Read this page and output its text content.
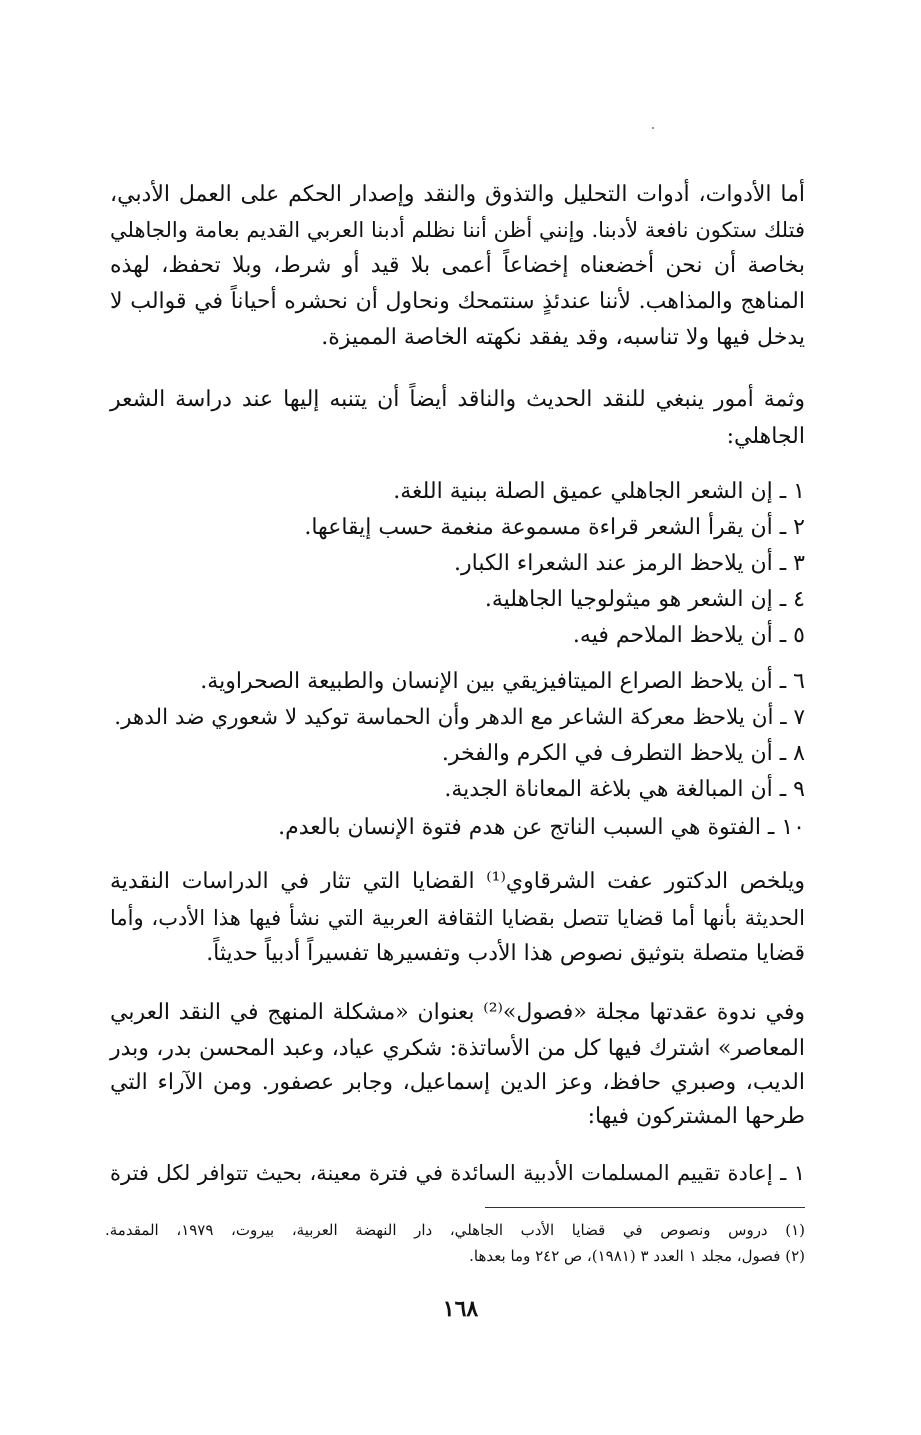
أما الأدوات، أدوات التحليل والتذوق والنقد وإصدار الحكم على العمل الأدبي،
فتلك ستكون نافعة لأدبنا. وإنني أظن أننا نظلم أدبنا العربي القديم بعامة والجاهلي
بخاصة أن نحن أخضعناه إخضاعاً أعمى بلا قيد أو شرط، وبلا تحفظ، لهذه
المناهج والمذاهب. لأننا عندئذٍ سنتمحك ونحاول أن نحشره أحياناً في قوالب لا
يدخل فيها ولا تناسبه، وقد يفقد نكهته الخاصة المميزة.
وثمة أمور ينبغي للنقد الحديث والناقد أيضاً أن يتنبه إليها عند دراسة الشعر
الجاهلي:
١ ـ إن الشعر الجاهلي عميق الصلة ببنية اللغة.
٢ ـ أن يقرأ الشعر قراءة مسموعة منغمة حسب إيقاعها.
٣ ـ أن يلاحظ الرمز عند الشعراء الكبار.
٤ ـ إن الشعر هو ميثولوجيا الجاهلية.
٥ ـ أن يلاحظ الملاحم فيه.
٦ ـ أن يلاحظ الصراع الميتافيزيقي بين الإنسان والطبيعة الصحراوية.
٧ ـ أن يلاحظ معركة الشاعر مع الدهر وأن الحماسة توكيد لا شعوري ضد الدهر.
٨ ـ أن يلاحظ التطرف في الكرم والفخر.
٩ ـ أن المبالغة هي بلاغة المعاناة الجدية.
١٠ ـ الفتوة هي السبب الناتج عن هدم فتوة الإنسان بالعدم.
ويلخص الدكتور عفت الشرقاوي⁽¹⁾ القضايا التي تثار في الدراسات النقدية
الحديثة بأنها أما قضايا تتصل بقضايا الثقافة العربية التي نشأ فيها هذا الأدب، وأما
قضايا متصلة بتوثيق نصوص هذا الأدب وتفسيرها تفسيراً أدبياً حديثاً.
وفي ندوة عقدتها مجلة «فصول»⁽²⁾ بعنوان «مشكلة المنهج في النقد العربي
المعاصر» اشترك فيها كل من الأساتذة: شكري عياد، وعبد المحسن بدر، وبدر
الديب، وصبري حافظ، وعز الدين إسماعيل، وجابر عصفور. ومن الآراء التي
طرحها المشتركون فيها:
١ ـ إعادة تقييم المسلمات الأدبية السائدة في فترة معينة، بحيث تتوافر لكل فترة
(١) دروس ونصوص في قضايا الأدب الجاهلي، دار النهضة العربية، بيروت، ١٩٧٩، المقدمة.
(٢) فصول، مجلد ١ العدد ٣ (١٩٨١)، ص ٢٤٢ وما بعدها.
١٦٨
